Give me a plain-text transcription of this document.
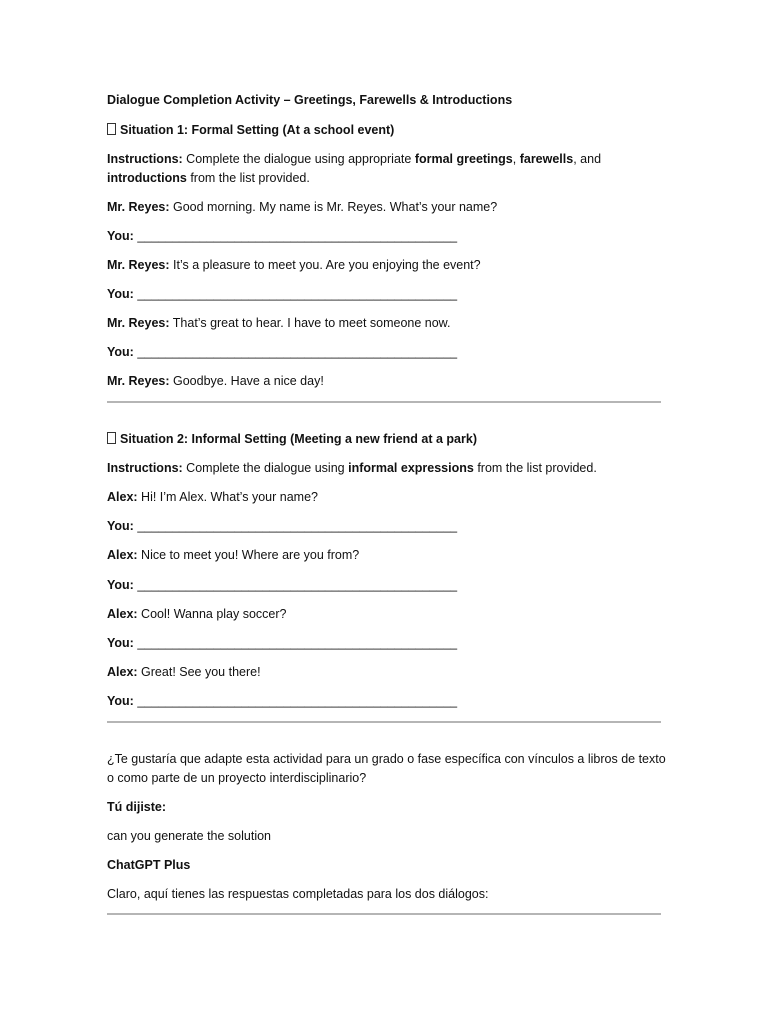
Dialogue Completion Activity – Greetings, Farewells & Introductions
Situation 1: Formal Setting (At a school event)
Instructions: Complete the dialogue using appropriate formal greetings, farewells, and
introductions from the list provided.
Mr. Reyes: Good morning. My name is Mr. Reyes. What’s your name?
You: ______________________________________________
Mr. Reyes: It’s a pleasure to meet you. Are you enjoying the event?
You: ______________________________________________
Mr. Reyes: That’s great to hear. I have to meet someone now.
You: ______________________________________________
Mr. Reyes: Goodbye. Have a nice day!
Situation 2: Informal Setting (Meeting a new friend at a park)
Instructions: Complete the dialogue using informal expressions from the list provided.
Alex: Hi! I’m Alex. What’s your name?
You: ______________________________________________
Alex: Nice to meet you! Where are you from?
You: ______________________________________________
Alex: Cool! Wanna play soccer?
You: ______________________________________________
Alex: Great! See you there!
You: ______________________________________________
¿Te gustaría que adapte esta actividad para un grado o fase específica con vínculos a libros de texto
o como parte de un proyecto interdisciplinario?
Tú dijiste:
can you generate the solution
ChatGPT Plus
Claro, aquí tienes las respuestas completadas para los dos diálogos:
